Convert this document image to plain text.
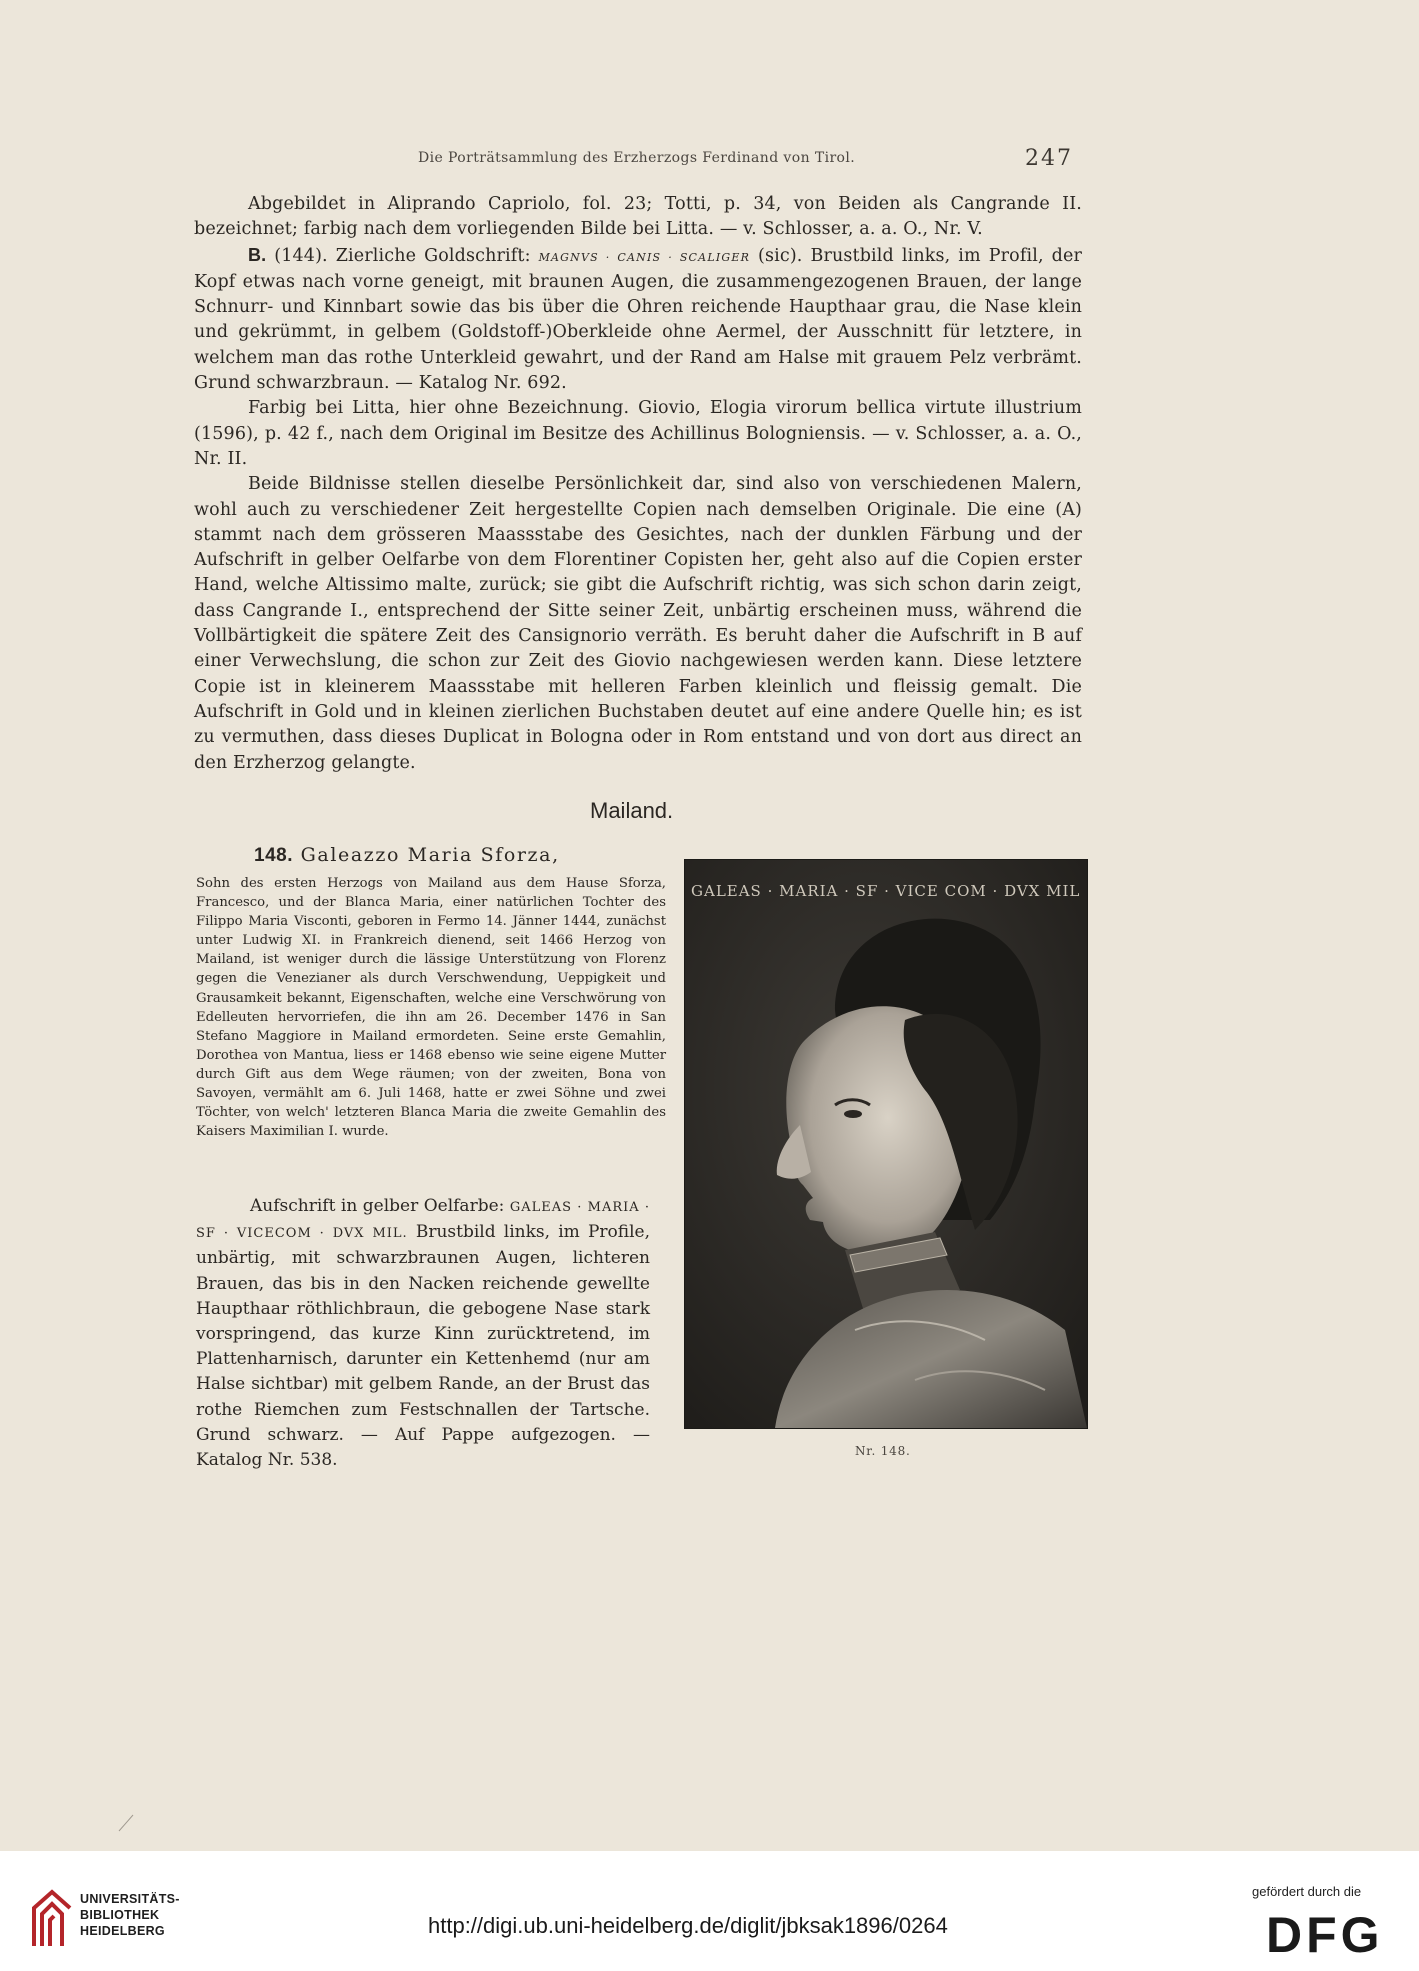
Die Porträtsammlung des Erzherzogs Ferdinand von Tirol.	247

Abgebildet in Aliprando Capriolo, fol. 23; Totti, p. 34, von Beiden als Cangrande II. bezeichnet; farbig nach dem vorliegenden Bilde bei Litta. — v. Schlosser, a. a. O., Nr. V.

B. (144). Zierliche Goldschrift: MAGNVS · CANIS · SCALIGER (sic). Brustbild links, im Profil, der Kopf etwas nach vorne geneigt, mit braunen Augen, die zusammengezogenen Brauen, der lange Schnurr- und Kinnbart sowie das bis über die Ohren reichende Haupthaar grau, die Nase klein und gekrümmt, in gelbem (Goldstoff-)Oberkleide ohne Aermel, der Ausschnitt für letztere, in welchem man das rothe Unterkleid gewahrt, und der Rand am Halse mit grauem Pelz verbrämt. Grund schwarzbraun. — Katalog Nr. 692.

Farbig bei Litta, hier ohne Bezeichnung. Giovio, Elogia virorum bellica virtute illustrium (1596), p. 42 f., nach dem Original im Besitze des Achillinus Bologniensis. — v. Schlosser, a. a. O., Nr. II.

Beide Bildnisse stellen dieselbe Persönlichkeit dar, sind also von verschiedenen Malern, wohl auch zu verschiedener Zeit hergestellte Copien nach demselben Originale. Die eine (A) stammt nach dem grösseren Maassstabe des Gesichtes, nach der dunklen Färbung und der Aufschrift in gelber Oelfarbe von dem Florentiner Copisten her, geht also auf die Copien erster Hand, welche Altissimo malte, zurück; sie gibt die Aufschrift richtig, was sich schon darin zeigt, dass Cangrande I., entsprechend der Sitte seiner Zeit, unbärtig erscheinen muss, während die Vollbärtigkeit die spätere Zeit des Cansignorio verräth. Es beruht daher die Aufschrift in B auf einer Verwechslung, die schon zur Zeit des Giovio nachgewiesen werden kann. Diese letztere Copie ist in kleinerem Maassstabe mit helleren Farben kleinlich und fleissig gemalt. Die Aufschrift in Gold und in kleinen zierlichen Buchstaben deutet auf eine andere Quelle hin; es ist zu vermuthen, dass dieses Duplicat in Bologna oder in Rom entstand und von dort aus direct an den Erzherzog gelangte.

Mailand.
148. Galeazzo Maria Sforza,
Sohn des ersten Herzogs von Mailand aus dem Hause Sforza, Francesco, und der Blanca Maria, einer natürlichen Tochter des Filippo Maria Visconti, geboren in Fermo 14. Jänner 1444, zunächst unter Ludwig XI. in Frankreich dienend, seit 1466 Herzog von Mailand, ist weniger durch die lässige Unterstützung von Florenz gegen die Venezianer als durch Verschwendung, Ueppigkeit und Grausamkeit bekannt, Eigenschaften, welche eine Verschwörung von Edelleuten hervorriefen, die ihn am 26. December 1476 in San Stefano Maggiore in Mailand ermordeten. Seine erste Gemahlin, Dorothea von Mantua, liess er 1468 ebenso wie seine eigene Mutter durch Gift aus dem Wege räumen; von der zweiten, Bona von Savoyen, vermählt am 6. Juli 1468, hatte er zwei Söhne und zwei Töchter, von welch' letzteren Blanca Maria die zweite Gemahlin des Kaisers Maximilian I. wurde.
Aufschrift in gelber Oelfarbe: GALEAS · MARIA · SF · VICECOM · DVX MIL. Brustbild links, im Profile, unbärtig, mit schwarzbraunen Augen, lichteren Brauen, das bis in den Nacken reichende gewellte Haupthaar röthlichbraun, die gebogene Nase stark vorspringend, das kurze Kinn zurücktretend, im Plattenharnisch, darunter ein Kettenhemd (nur am Halse sichtbar) mit gelbem Rande, an der Brust das rothe Riemchen zum Festschnallen der Tartsche. Grund schwarz. — Auf Pappe aufgezogen. — Katalog Nr. 538.
GALEAS · MARIA · SF · VICE COM · DVX MIL
Nr. 148.
UNIVERSITÄTS-
BIBLIOTHEK
HEIDELBERG	http://digi.ub.uni-heidelberg.de/diglit/jbksak1896/0264
gefördert durch die
DFG
